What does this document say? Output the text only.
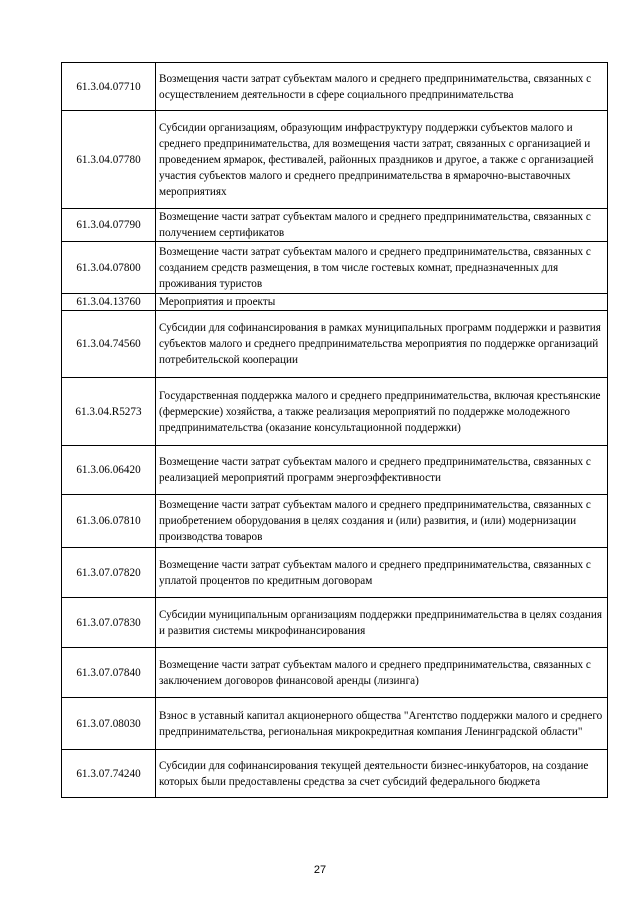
61.3.04.07710	Возмещения части затрат субъектам малого и среднего предпринимательства, связанных с осуществлением деятельности в сфере социального предпринимательства
61.3.04.07780	Субсидии организациям, образующим инфраструктуру поддержки субъектов малого и среднего предпринимательства, для возмещения части затрат, связанных с организацией и проведением ярмарок, фестивалей, районных праздников и другое, а также с организацией участия субъектов малого и среднего предпринимательства в ярмарочно-выставочных мероприятиях
61.3.04.07790	Возмещение части затрат субъектам малого и среднего предпринимательства, связанных с получением сертификатов
61.3.04.07800	Возмещение части затрат субъектам малого и среднего предпринимательства, связанных с созданием средств размещения, в том числе гостевых комнат, предназначенных для проживания туристов
61.3.04.13760	Мероприятия и проекты
61.3.04.74560	Субсидии для софинансирования в рамках муниципальных программ поддержки и развития субъектов малого и среднего предпринимательства мероприятия по поддержке организаций потребительской кооперации
61.3.04.R5273	Государственная поддержка малого и среднего предпринимательства, включая крестьянские (фермерские) хозяйства, а также реализация мероприятий по поддержке молодежного предпринимательства (оказание консультационной поддержки)
61.3.06.06420	Возмещение части затрат субъектам малого и среднего предпринимательства, связанных с реализацией мероприятий программ энергоэффективности
61.3.06.07810	Возмещение части затрат субъектам малого и среднего предпринимательства, связанных с приобретением оборудования в целях создания и (или) развития, и (или) модернизации производства товаров
61.3.07.07820	Возмещение части затрат субъектам малого и среднего предпринимательства, связанных с уплатой процентов по кредитным договорам
61.3.07.07830	Субсидии муниципальным организациям поддержки предпринимательства в целях создания и развития системы микрофинансирования
61.3.07.07840	Возмещение части затрат субъектам малого и среднего предпринимательства, связанных с заключением договоров финансовой аренды (лизинга)
61.3.07.08030	Взнос в уставный капитал акционерного общества "Агентство поддержки малого и среднего предпринимательства, региональная микрокредитная компания Ленинградской области"
61.3.07.74240	Субсидии для софинансирования текущей деятельности бизнес-инкубаторов, на создание которых были предоставлены средства за счет субсидий федерального бюджета
27
